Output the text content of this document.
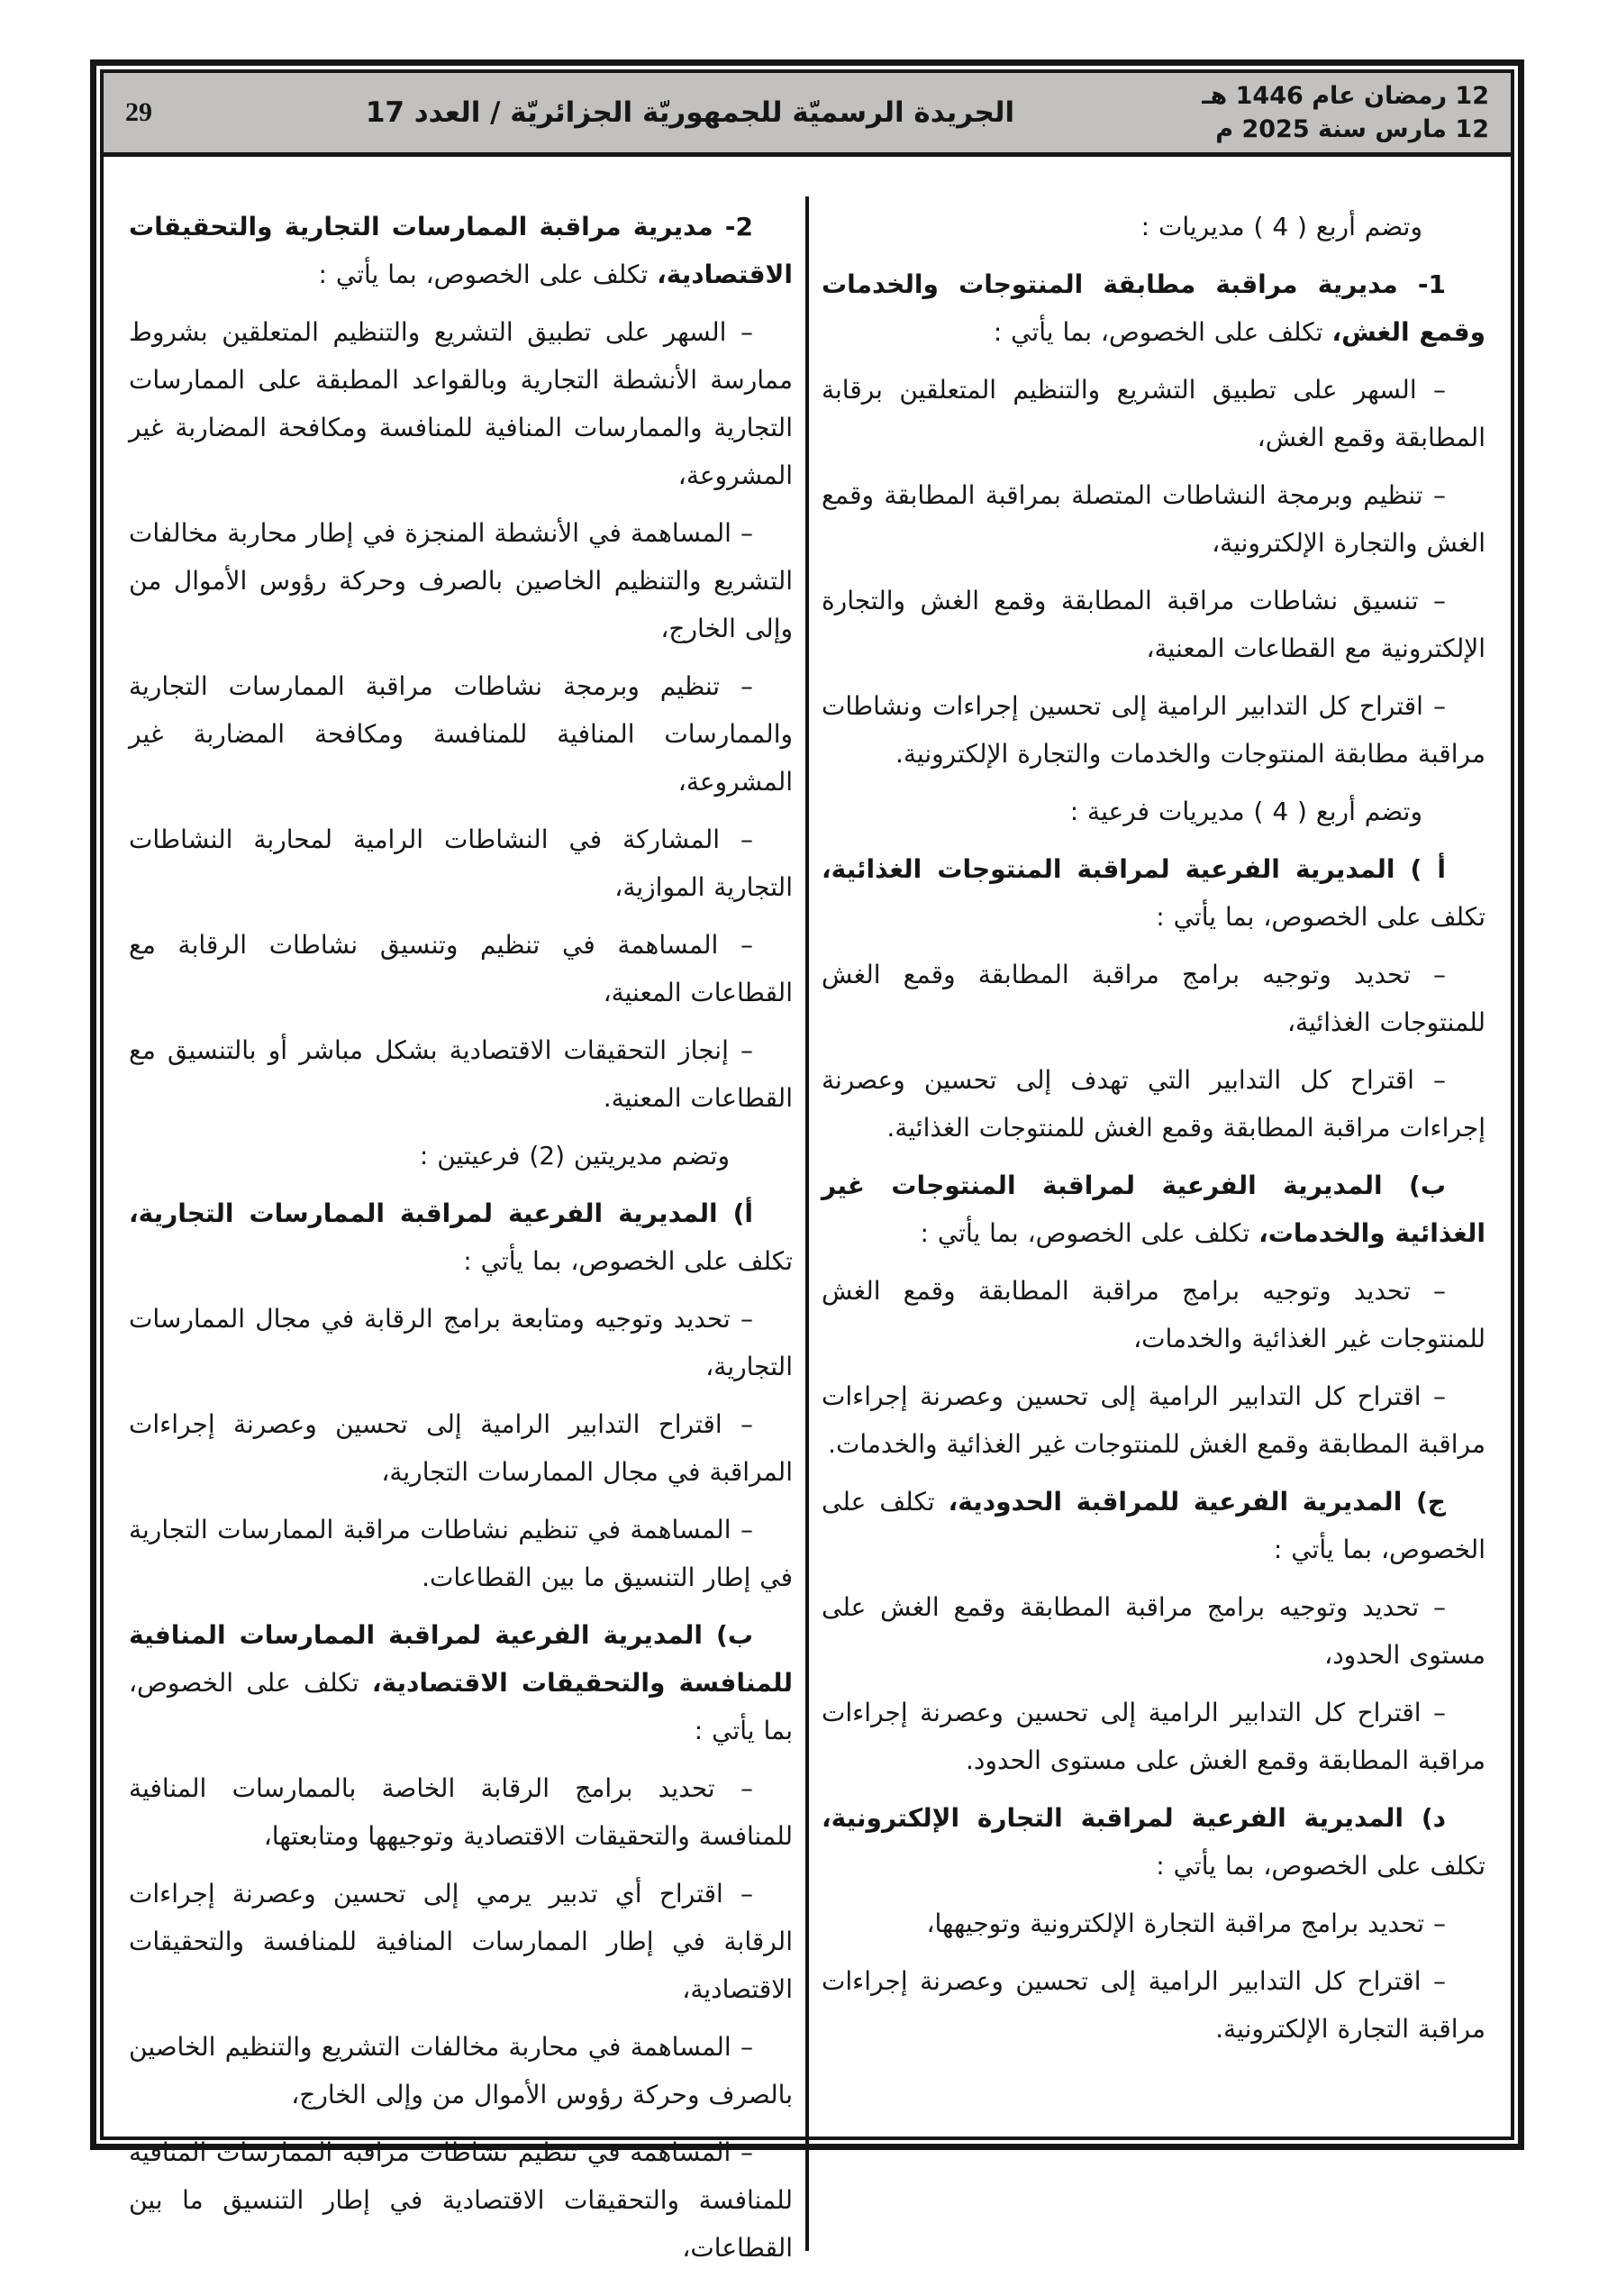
12 رمضان عام 1446 هـ
12 مارس سنة 2025 م
الجريدة الرسميّة للجمهوريّة الجزائريّة / العدد 17
29

وتضم أربع ( 4 ) مديريات :

1- مديرية مراقبة مطابقة المنتوجات والخدمات وقمع الغش، تكلف على الخصوص، بما يأتي :

– السهر على تطبيق التشريع والتنظيم المتعلقين برقابة المطابقة وقمع الغش،

– تنظيم وبرمجة النشاطات المتصلة بمراقبة المطابقة وقمع الغش والتجارة الإلكترونية،

– تنسيق نشاطات مراقبة المطابقة وقمع الغش والتجارة الإلكترونية مع القطاعات المعنية،

– اقتراح كل التدابير الرامية إلى تحسين إجراءات ونشاطات مراقبة مطابقة المنتوجات والخدمات والتجارة الإلكترونية.

وتضم أربع ( 4 ) مديريات فرعية :

أ ) المديرية الفرعية لمراقبة المنتوجات الغذائية، تكلف على الخصوص، بما يأتي :

– تحديد وتوجيه برامج مراقبة المطابقة وقمع الغش للمنتوجات الغذائية،

– اقتراح كل التدابير التي تهدف إلى تحسين وعصرنة إجراءات مراقبة المطابقة وقمع الغش للمنتوجات الغذائية.

ب) المديرية الفرعية لمراقبة المنتوجات غير الغذائية والخدمات، تكلف على الخصوص، بما يأتي :

– تحديد وتوجيه برامج مراقبة المطابقة وقمع الغش للمنتوجات غير الغذائية والخدمات،

– اقتراح كل التدابير الرامية إلى تحسين وعصرنة إجراءات مراقبة المطابقة وقمع الغش للمنتوجات غير الغذائية والخدمات.

ج) المديرية الفرعية للمراقبة الحدودية، تكلف على الخصوص، بما يأتي :

– تحديد وتوجيه برامج مراقبة المطابقة وقمع الغش على مستوى الحدود،

– اقتراح كل التدابير الرامية إلى تحسين وعصرنة إجراءات مراقبة المطابقة وقمع الغش على مستوى الحدود.

د) المديرية الفرعية لمراقبة التجارة الإلكترونية، تكلف على الخصوص، بما يأتي :

– تحديد برامج مراقبة التجارة الإلكترونية وتوجيهها،

– اقتراح كل التدابير الرامية إلى تحسين وعصرنة إجراءات مراقبة التجارة الإلكترونية.

2- مديرية مراقبة الممارسات التجارية والتحقيقات الاقتصادية، تكلف على الخصوص، بما يأتي :

– السهر على تطبيق التشريع والتنظيم المتعلقين بشروط ممارسة الأنشطة التجارية وبالقواعد المطبقة على الممارسات التجارية والممارسات المنافية للمنافسة ومكافحة المضاربة غير المشروعة،

– المساهمة في الأنشطة المنجزة في إطار محاربة مخالفات التشريع والتنظيم الخاصين بالصرف وحركة رؤوس الأموال من وإلى الخارج،

– تنظيم وبرمجة نشاطات مراقبة الممارسات التجارية والممارسات المنافية للمنافسة ومكافحة المضاربة غير المشروعة،

– المشاركة في النشاطات الرامية لمحاربة النشاطات التجارية الموازية،

– المساهمة في تنظيم وتنسيق نشاطات الرقابة مع القطاعات المعنية،

– إنجاز التحقيقات الاقتصادية بشكل مباشر أو بالتنسيق مع القطاعات المعنية.

وتضم مديريتين (2) فرعيتين :

أ) المديرية الفرعية لمراقبة الممارسات التجارية، تكلف على الخصوص، بما يأتي :

– تحديد وتوجيه ومتابعة برامج الرقابة في مجال الممارسات التجارية،

– اقتراح التدابير الرامية إلى تحسين وعصرنة إجراءات المراقبة في مجال الممارسات التجارية،

– المساهمة في تنظيم نشاطات مراقبة الممارسات التجارية في إطار التنسيق ما بين القطاعات.

ب) المديرية الفرعية لمراقبة الممارسات المنافية للمنافسة والتحقيقات الاقتصادية، تكلف على الخصوص، بما يأتي :

– تحديد برامج الرقابة الخاصة بالممارسات المنافية للمنافسة والتحقيقات الاقتصادية وتوجيهها ومتابعتها،

– اقتراح أي تدبير يرمي إلى تحسين وعصرنة إجراءات الرقابة في إطار الممارسات المنافية للمنافسة والتحقيقات الاقتصادية،

– المساهمة في محاربة مخالفات التشريع والتنظيم الخاصين بالصرف وحركة رؤوس الأموال من وإلى الخارج،

– المساهمة في تنظيم نشاطات مراقبة الممارسات المنافية للمنافسة والتحقيقات الاقتصادية في إطار التنسيق ما بين القطاعات،
